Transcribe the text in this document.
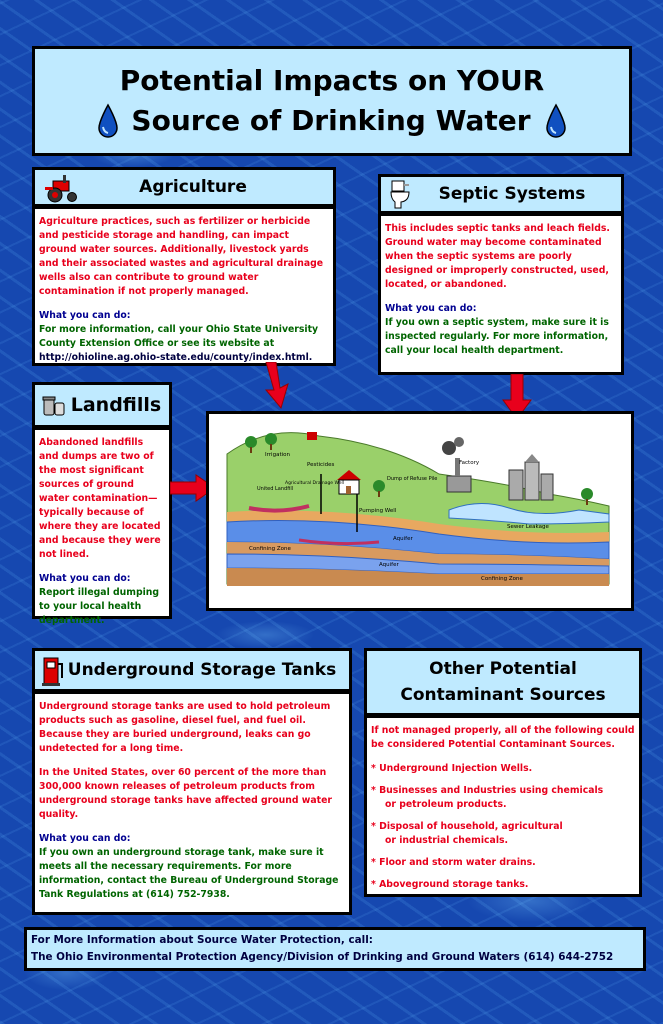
Potential Impacts on YOUR
Source of Drinking Water
Agriculture

Agriculture practices, such as fertilizer or herbicide and pesticide storage and handling, can impact ground water sources. Additionally, livestock yards and their associated wastes and agricultural drainage wells also can contribute to ground water contamination if not properly managed.

What you can do:
For more information, call your Ohio State University County Extension Office or see its website at
http://ohioline.ag.ohio-state.edu/county/index.html.
Septic Systems

This includes septic tanks and leach fields. Ground water may become contaminated when the septic systems are poorly designed or improperly constructed, used, located, or abandoned.

What you can do:
If you own a septic system, make sure it is inspected regularly. For more information, call your local health department.
Landfills

Abandoned landfills and dumps are two of the most significant sources of ground water contamination—typically because of where they are located and because they were not lined.

What you can do:
Report illegal dumping to your local health department.
Irrigation
Pesticides	Factory
United Landfill
Agricultural Drainage Well
Dump of Refuse Pile
Pumping Well
Sewer Leakage
Confining Zone
Aquifer
Aquifer
Confining Zone
Underground Storage Tanks

Underground storage tanks are used to hold petroleum products such as gasoline, diesel fuel, and fuel oil. Because they are buried underground, leaks can go undetected for a long time.

In the United States, over 60 percent of the more than 300,000 known releases of petroleum products from underground storage tanks have affected ground water quality.

What you can do:
If you own an underground storage tank, make sure it meets all the necessary requirements. For more information, contact the Bureau of Underground Storage Tank Regulations at (614) 752-7938.
Other Potential
Contaminant Sources

If not managed properly, all of the following could be considered Potential Contaminant Sources.

* Underground Injection Wells.
* Businesses and Industries using chemicals
or petroleum products.
* Disposal of household, agricultural
or industrial chemicals.
* Floor and storm water drains.
* Aboveground storage tanks.
For More Information about Source Water Protection, call:
The Ohio Environmental Protection Agency/Division of Drinking and Ground Waters (614) 644-2752
